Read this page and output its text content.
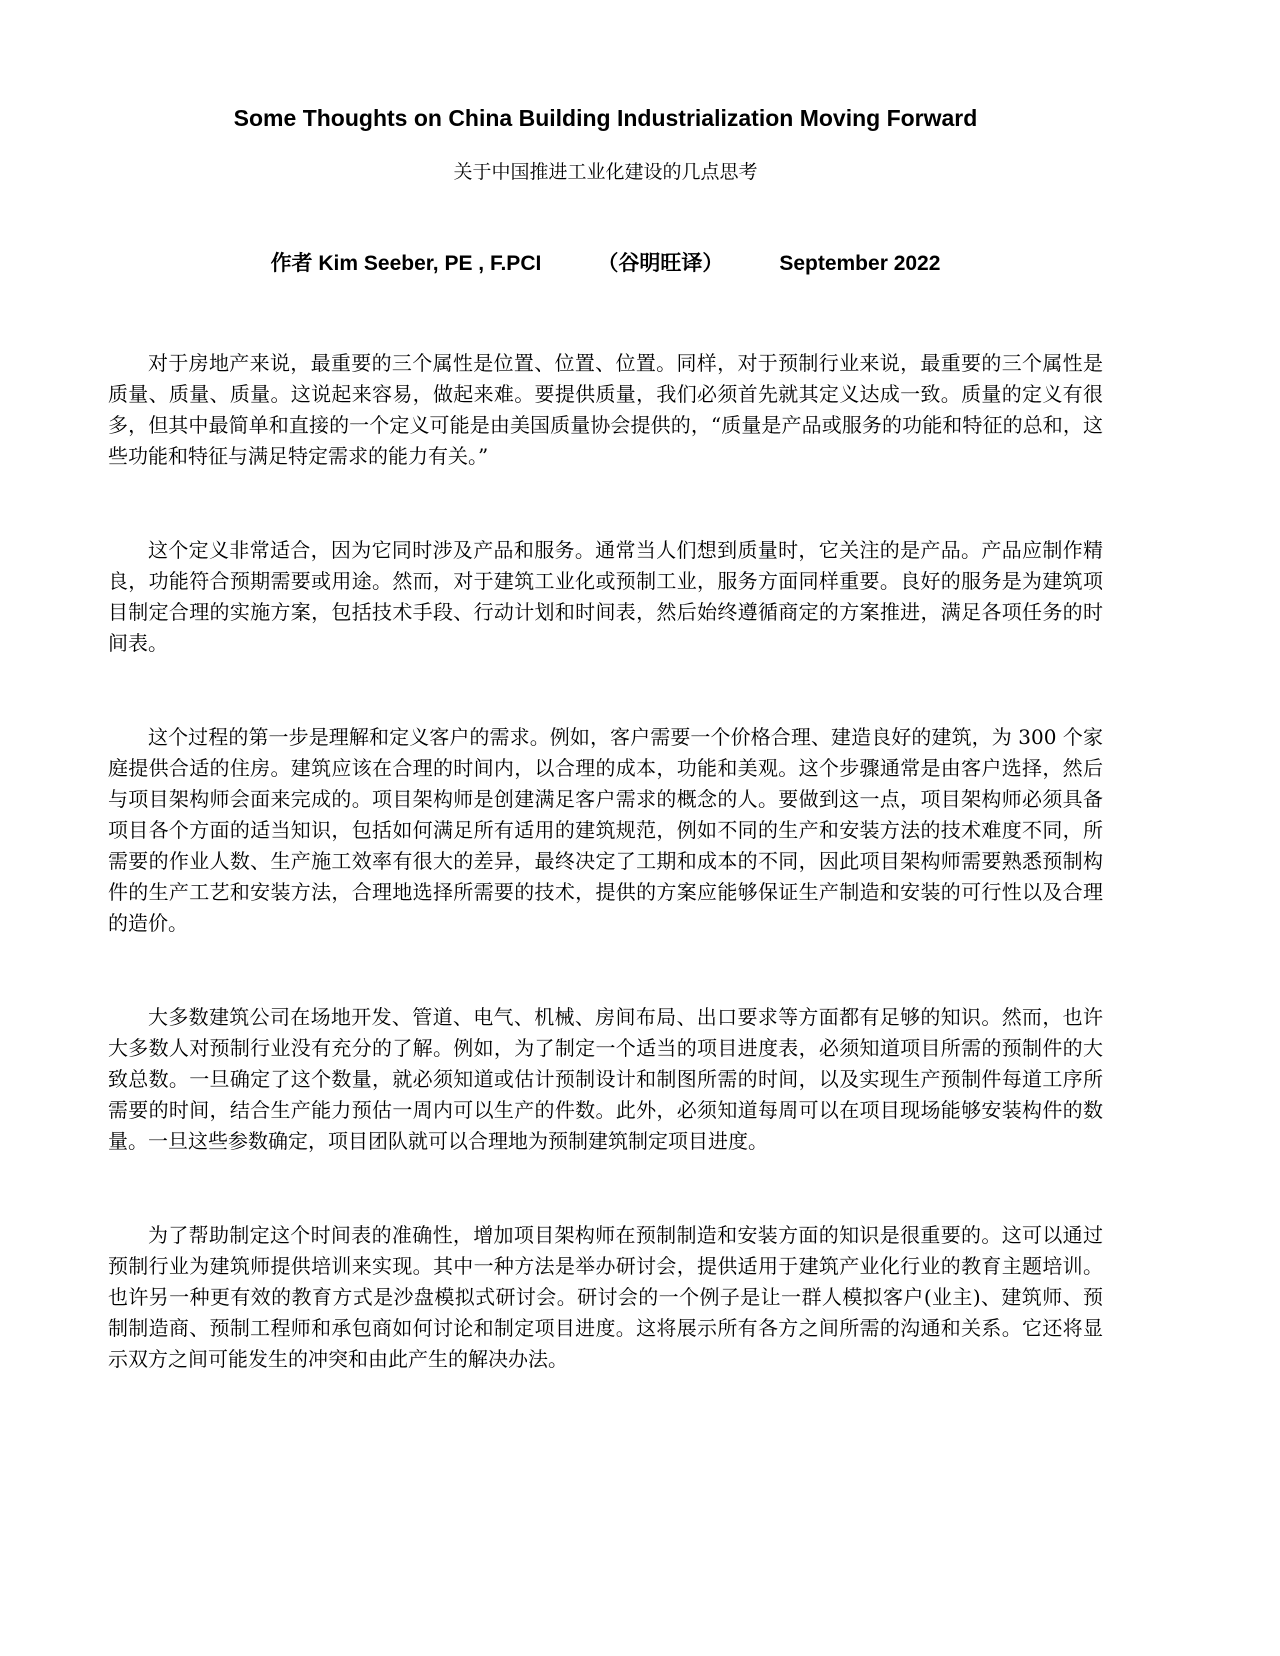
Some Thoughts on China Building Industrialization Moving Forward
关于中国推进工业化建设的几点思考
作者 Kim Seeber, PE , F.PCI	（谷明旺译）	September 2022

对于房地产来说，最重要的三个属性是位置、位置、位置。同样，对于预制行业来说，最重要的三个属性是质量、质量、质量。这说起来容易，做起来难。要提供质量，我们必须首先就其定义达成一致。质量的定义有很多，但其中最简单和直接的一个定义可能是由美国质量协会提供的，“质量是产品或服务的功能和特征的总和，这些功能和特征与满足特定需求的能力有关。”

这个定义非常适合，因为它同时涉及产品和服务。通常当人们想到质量时，它关注的是产品。产品应制作精良，功能符合预期需要或用途。然而，对于建筑工业化或预制工业，服务方面同样重要。良好的服务是为建筑项目制定合理的实施方案，包括技术手段、行动计划和时间表，然后始终遵循商定的方案推进，满足各项任务的时间表。

这个过程的第一步是理解和定义客户的需求。例如，客户需要一个价格合理、建造良好的建筑，为 300 个家庭提供合适的住房。建筑应该在合理的时间内，以合理的成本，功能和美观。这个步骤通常是由客户选择，然后与项目架构师会面来完成的。项目架构师是创建满足客户需求的概念的人。要做到这一点，项目架构师必须具备项目各个方面的适当知识，包括如何满足所有适用的建筑规范，例如不同的生产和安装方法的技术难度不同，所需要的作业人数、生产施工效率有很大的差异，最终决定了工期和成本的不同，因此项目架构师需要熟悉预制构件的生产工艺和安装方法，合理地选择所需要的技术，提供的方案应能够保证生产制造和安装的可行性以及合理的造价。

大多数建筑公司在场地开发、管道、电气、机械、房间布局、出口要求等方面都有足够的知识。然而，也许大多数人对预制行业没有充分的了解。例如，为了制定一个适当的项目进度表，必须知道项目所需的预制件的大致总数。一旦确定了这个数量，就必须知道或估计预制设计和制图所需的时间，以及实现生产预制件每道工序所需要的时间，结合生产能力预估一周内可以生产的件数。此外，必须知道每周可以在项目现场能够安装构件的数量。一旦这些参数确定，项目团队就可以合理地为预制建筑制定项目进度。

为了帮助制定这个时间表的准确性，增加项目架构师在预制制造和安装方面的知识是很重要的。这可以通过预制行业为建筑师提供培训来实现。其中一种方法是举办研讨会，提供适用于建筑产业化行业的教育主题培训。也许另一种更有效的教育方式是沙盘模拟式研讨会。研讨会的一个例子是让一群人模拟客户(业主)、建筑师、预制制造商、预制工程师和承包商如何讨论和制定项目进度。这将展示所有各方之间所需的沟通和关系。它还将显示双方之间可能发生的冲突和由此产生的解决办法。
